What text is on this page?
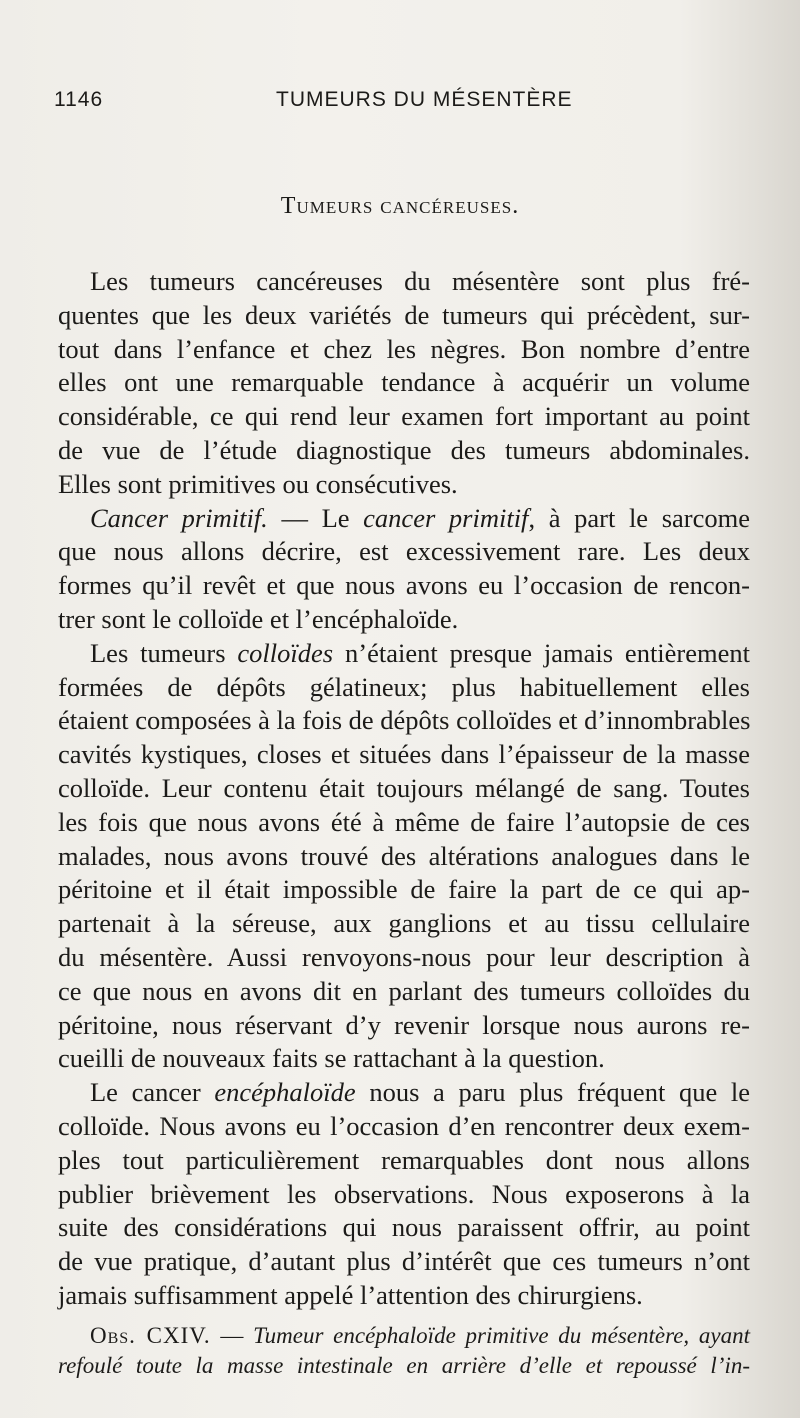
1146	TUMEURS DU MÉSENTÈRE
Tumeurs cancéreuses.
Les tumeurs cancéreuses du mésentère sont plus fré-
quentes que les deux variétés de tumeurs qui précèdent, sur-
tout dans l’enfance et chez les nègres. Bon nombre d’entre
elles ont une remarquable tendance à acquérir un volume
considérable, ce qui rend leur examen fort important au point
de vue de l’étude diagnostique des tumeurs abdominales.
Elles sont primitives ou consécutives.
Cancer primitif. — Le cancer primitif, à part le sarcome
que nous allons décrire, est excessivement rare. Les deux
formes qu’il revêt et que nous avons eu l’occasion de rencon-
trer sont le colloïde et l’encéphaloïde.
Les tumeurs colloïdes n’étaient presque jamais entièrement
formées de dépôts gélatineux; plus habituellement elles
étaient composées à la fois de dépôts colloïdes et d’innombrables
cavités kystiques, closes et situées dans l’épaisseur de la masse
colloïde. Leur contenu était toujours mélangé de sang. Toutes
les fois que nous avons été à même de faire l’autopsie de ces
malades, nous avons trouvé des altérations analogues dans le
péritoine et il était impossible de faire la part de ce qui ap-
partenait à la séreuse, aux ganglions et au tissu cellulaire
du mésentère. Aussi renvoyons-nous pour leur description à
ce que nous en avons dit en parlant des tumeurs colloïdes du
péritoine, nous réservant d’y revenir lorsque nous aurons re-
cueilli de nouveaux faits se rattachant à la question.
Le cancer encéphaloïde nous a paru plus fréquent que le
colloïde. Nous avons eu l’occasion d’en rencontrer deux exem-
ples tout particulièrement remarquables dont nous allons
publier brièvement les observations. Nous exposerons à la
suite des considérations qui nous paraissent offrir, au point
de vue pratique, d’autant plus d’intérêt que ces tumeurs n’ont
jamais suffisamment appelé l’attention des chirurgiens.
Obs. CXIV. — Tumeur encéphaloïde primitive du mésentère, ayant
refoulé toute la masse intestinale en arrière d’elle et repoussé l’in-
